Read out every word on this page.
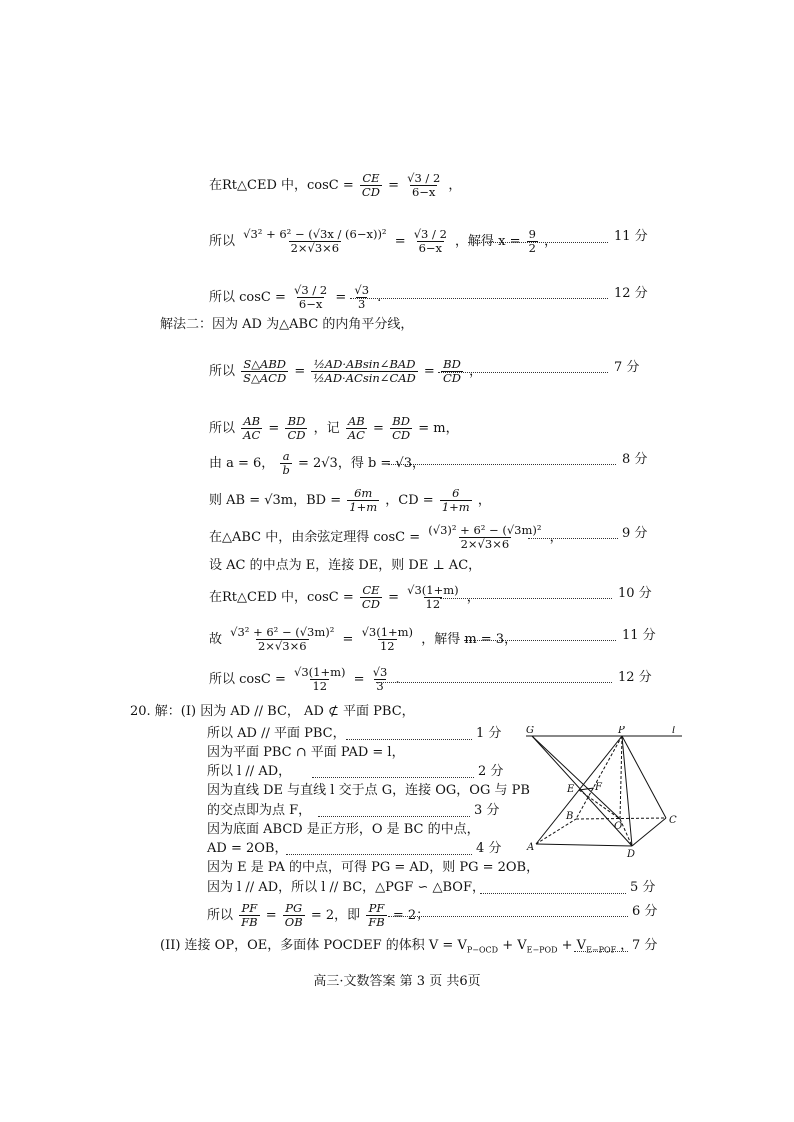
在Rt△CED 中，$\cos C = \frac{CE}{CD} = \frac{√3 / 2}{6-x}$ ，
所以 $\frac{\text{√3² + 6² − (√3x / (6−x))²}}{2\times√3\times 6} = \frac{√3 / 2}{6-x}$ ，解得 $x = \frac{9}{2}$ ，	11 分
所以 $\cos C = \frac{√3 / 2}{6-x} = \frac{√3}{3}$ .	12 分
解法二：因为 AD 为△ABC 的内角平分线，
所以 $\frac{\text{S△ABD}}{\text{S△ACD}} = \frac{\text{½AD·ABsin∠BAD}}{\text{½AD·ACsin∠CAD}} = \frac{BD}{CD}$ ，	7 分
所以 $\frac{AB}{AC} = \frac{BD}{CD}$ ，记 $\frac{AB}{AC} = \frac{BD}{CD} = m$，
由 a = 6， $\frac{a}{b} = 2√3$，得 b = √3，	8 分
则 AB = √3m，BD = $\frac{6m}{1+m}$ ，CD = $\frac{6}{1+m}$ ，
在△ABC 中，由余弦定理得 $\cos C = \frac{\text{(√3)² + 6² − (√3m)²}}{2\times√3\times 6}$ ，	9 分
设 AC 的中点为 E，连接 DE，则 DE ⊥ AC，
在Rt△CED 中，$\cos C = \frac{CE}{CD} = \frac{√3(1+m)}{12}$ ，	10 分
故 $\frac{\text{√3² + 6² − (√3m)²}}{2\times√3\times 6} = \frac{√3(1+m)}{12}$ ，解得 m = 3，	11 分
所以 $\cos C = \frac{√3(1+m)}{12} = \frac{√3}{3}$ .	12 分
20. 解：(I) 因为 AD // BC， AD ⊄ 平面 PBC，
所以 AD // 平面 PBC，	1 分
因为平面 PBC ∩ 平面 PAD = l，
所以 l // AD，	2 分
因为直线 DE 与直线 l 交于点 G，连接 OG，OG 与 PB
的交点即为点 F，	3 分
因为底面 ABCD 是正方形，O 是 BC 的中点，
AD = 2OB，	4 分
因为 E 是 PA 的中点，可得 PG = AD，则 PG = 2OB，
因为 l // AD，所以 l // BC，△PGF ∽ △BOF，	5 分
所以 $\frac{PF}{FB} = \frac{PG}{OB} = 2$，即 $\frac{PF}{FB} = 2$；	6 分
(II) 连接 OP，OE，多面体 POCDEF 的体积 $V = V_{P-OCD} + V_{E-POD} + V_{E-POF}$ ，
7 分
G	P	l
E F
B
O
C
A
D
高三·文数答案 第 3 页 共6页
